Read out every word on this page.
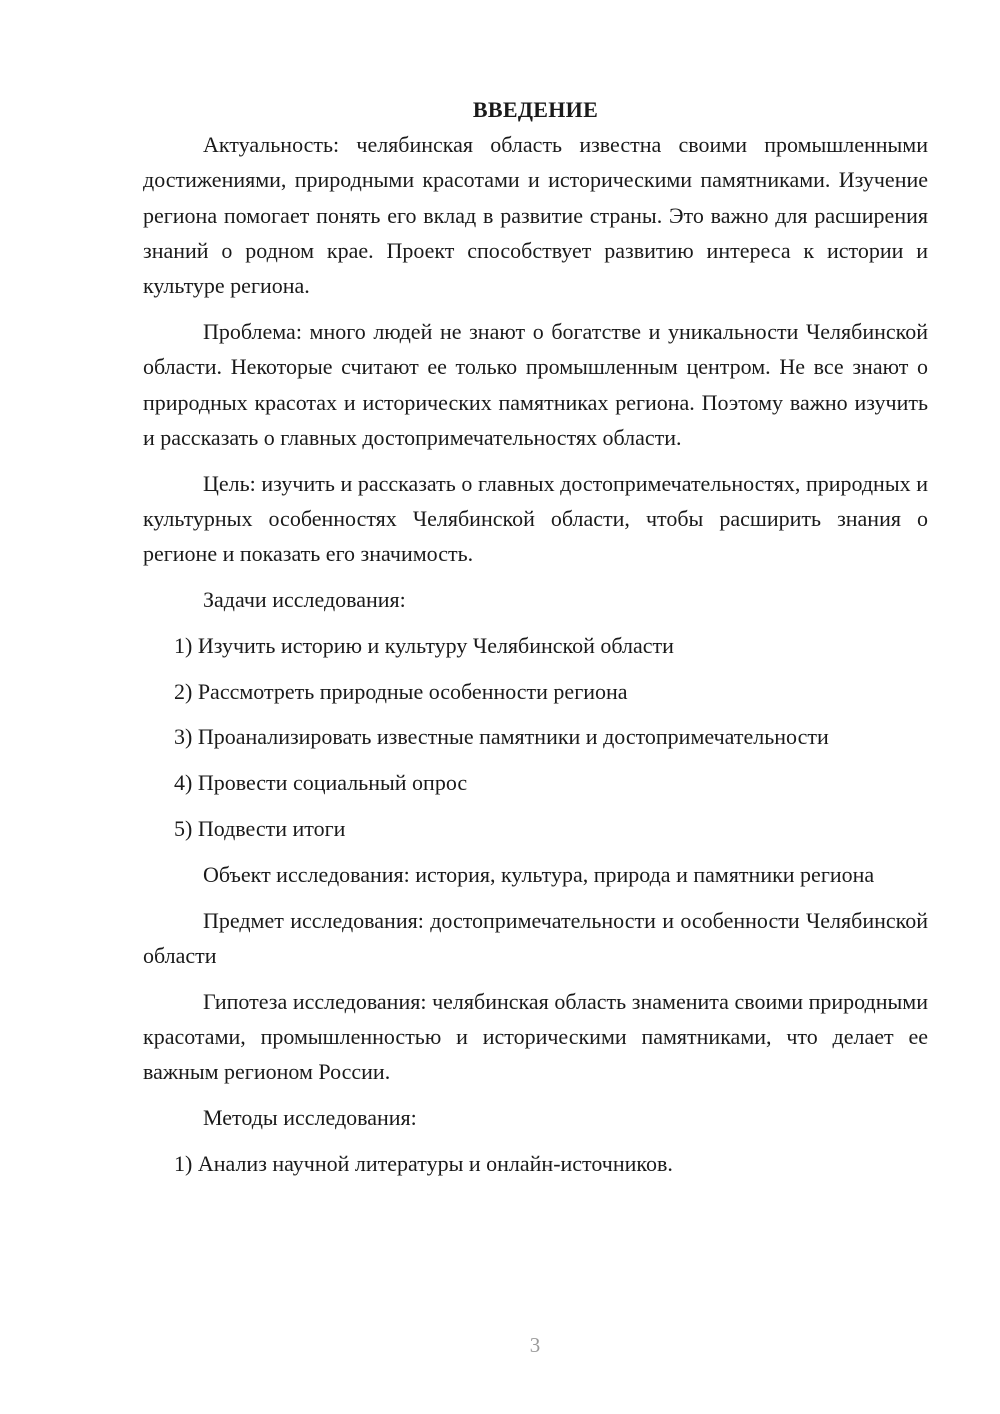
ВВЕДЕНИЕ

Актуальность: челябинская область известна своими промышленными достижениями, природными красотами и историческими памятниками. Изучение региона помогает понять его вклад в развитие страны. Это важно для расширения знаний о родном крае. Проект способствует развитию интереса к истории и культуре региона.

Проблема: много людей не знают о богатстве и уникальности Челябинской области. Некоторые считают ее только промышленным центром. Не все знают о природных красотах и исторических памятниках региона. Поэтому важно изучить и рассказать о главных достопримечательностях области.

Цель: изучить и рассказать о главных достопримечательностях, природных и культурных особенностях Челябинской области, чтобы расширить знания о регионе и показать его значимость.

Задачи исследования:

1) Изучить историю и культуру Челябинской области
2) Рассмотреть природные особенности региона
3) Проанализировать известные памятники и достопримечательности
4) Провести социальный опрос
5) Подвести итоги

Объект исследования: история, культура, природа и памятники региона

Предмет исследования: достопримечательности и особенности Челябинской области

Гипотеза исследования: челябинская область знаменита своими природными красотами, промышленностью и историческими памятниками, что делает ее важным регионом России.

Методы исследования:

1) Анализ научной литературы и онлайн-источников.
3
